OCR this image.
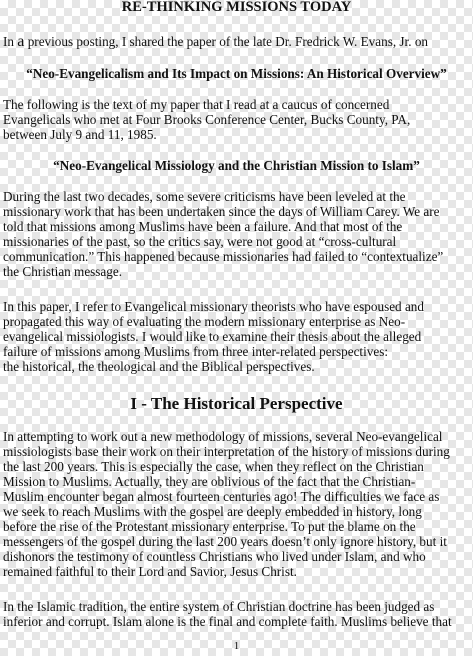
RE-THINKING MISSIONS TODAY

In a previous posting, I shared the paper of the late Dr. Fredrick W. Evans, Jr. on

“Neo-Evangelicalism and Its Impact on Missions: An Historical Overview”

The following is the text of my paper that I read at a caucus of concerned

Evangelicals who met at Four Brooks Conference Center, Bucks County, PA,

between July 9 and 11, 1985.

“Neo-Evangelical Missiology and the Christian Mission to Islam”

During the last two decades, some severe criticisms have been leveled at the

missionary work that has been undertaken since the days of William Carey. We are

told that missions among Muslims have been a failure. And that most of the

missionaries of the past, so the critics say, were not good at “cross-cultural

communication.” This happened because missionaries had failed to “contextualize”

the Christian message.

In this paper, I refer to Evangelical missionary theorists who have espoused and

propagated this way of evaluating the modern missionary enterprise as Neo-

evangelical missiologists. I would like to examine their thesis about the alleged

failure of missions among Muslims from three inter-related perspectives:

the historical, the theological and the Biblical perspectives.

I - The Historical Perspective

In attempting to work out a new methodology of missions, several Neo-evangelical

missiologists base their work on their interpretation of the history of missions during

the last 200 years. This is especially the case, when they reflect on the Christian

Mission to Muslims. Actually, they are oblivious of the fact that the Christian-

Muslim encounter began almost fourteen centuries ago! The difficulties we face as

we seek to reach Muslims with the gospel are deeply embedded in history, long

before the rise of the Protestant missionary enterprise. To put the blame on the

messengers of the gospel during the last 200 years doesn’t only ignore history, but it

dishonors the testimony of countless Christians who lived under Islam, and who

remained faithful to their Lord and Savior, Jesus Christ.

In the Islamic tradition, the entire system of Christian doctrine has been judged as

inferior and corrupt. Islam alone is the final and complete faith. Muslims believe that

1
